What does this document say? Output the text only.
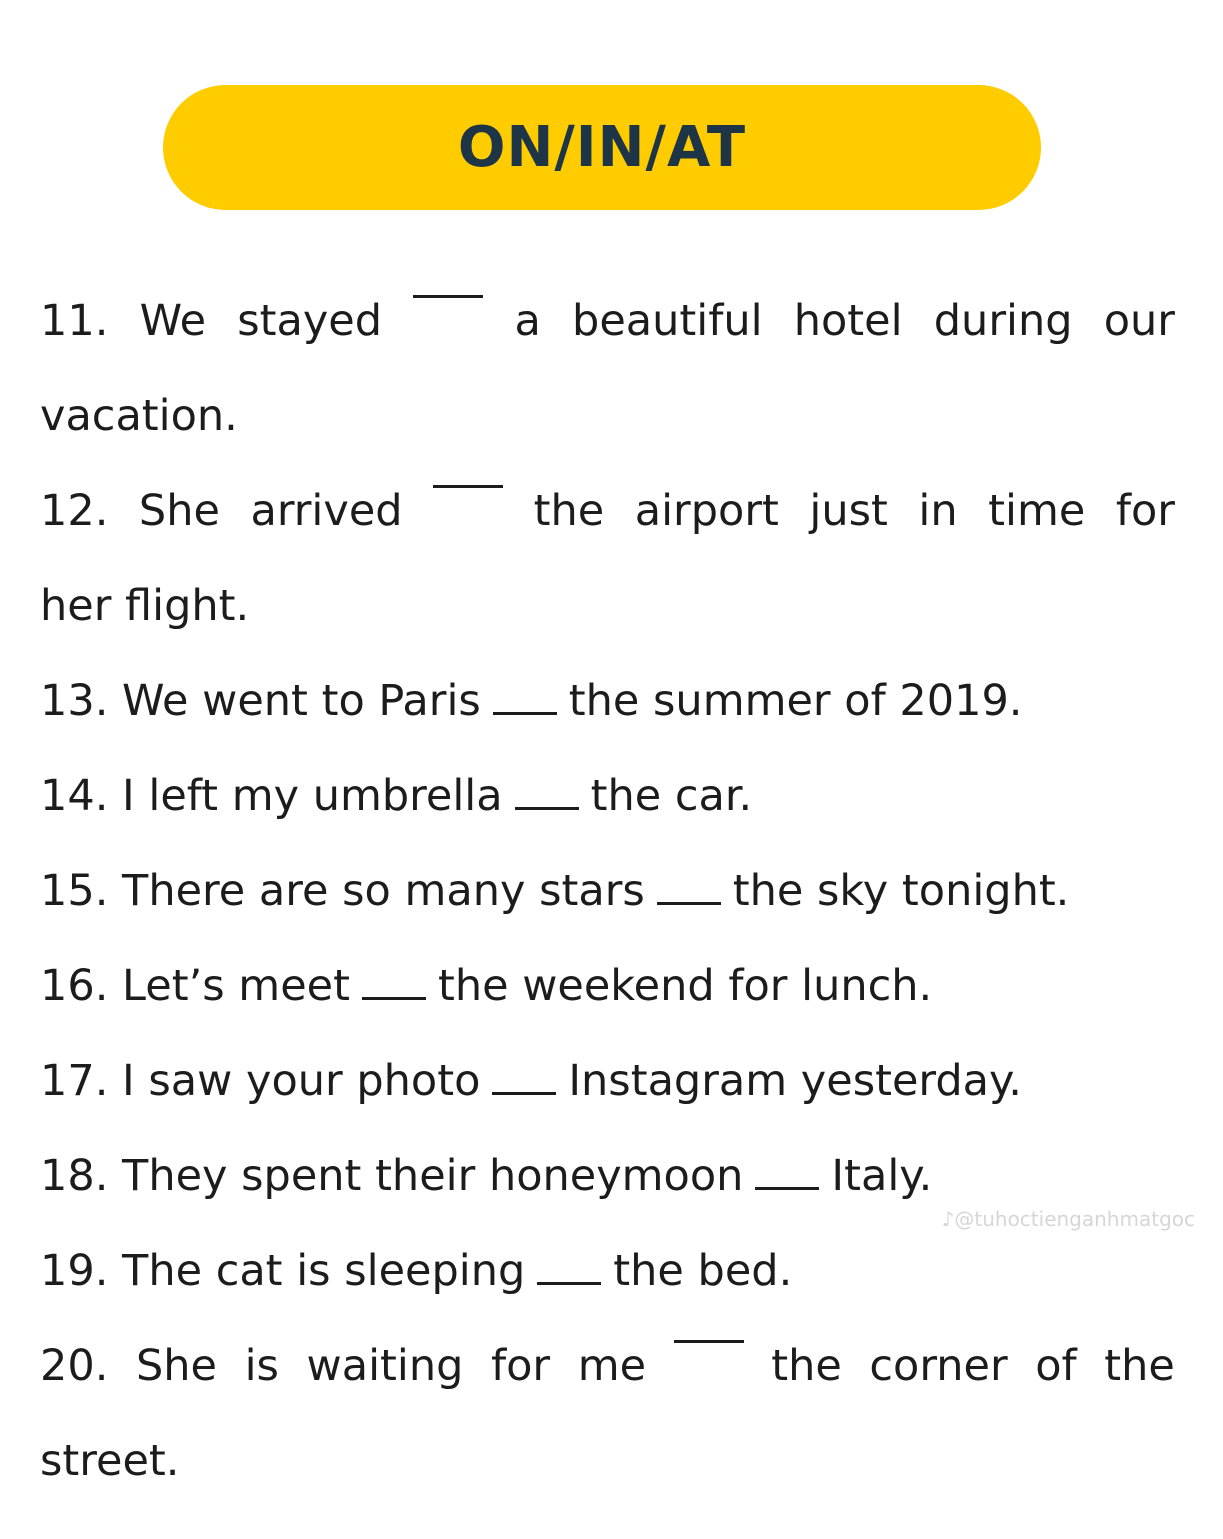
ON/IN/AT
11. We stayed	a beautiful hotel during our
vacation.
12. She arrived	the airport just in time for
her flight.
13. We went to Paris the summer of 2019.
14. I left my umbrella the car.
15. There are so many stars the sky tonight.
16. Let’s meet the weekend for lunch.
17. I saw your photo Instagram yesterday.
18. They spent their honeymoon Italy.
♪@tuhoctienganhmatgoc
19. The cat is sleeping the bed.
20. She is waiting for me	the corner of the
street.
